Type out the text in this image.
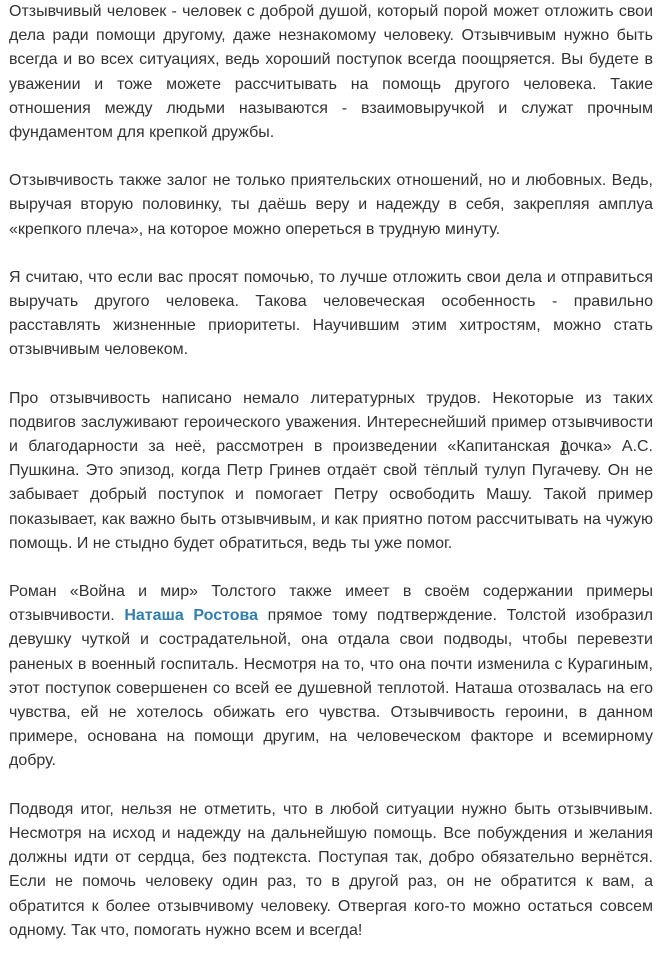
Отзывчивый человек - человек с доброй душой, который порой может отложить свои дела ради помощи другому, даже незнакомому человеку. Отзывчивым нужно быть всегда и во всех ситуациях, ведь хороший поступок всегда поощряется. Вы будете в уважении и тоже можете рассчитывать на помощь другого человека. Такие отношения между людьми называются - взаимовыручкой и служат прочным фундаментом для крепкой дружбы.

Отзывчивость также залог не только приятельских отношений, но и любовных. Ведь, выручая вторую половинку, ты даёшь веру и надежду в себя, закрепляя амплуа «крепкого плеча», на которое можно опереться в трудную минуту.

Я считаю, что если вас просят помочью, то лучше отложить свои дела и отправиться выручать другого человека. Такова человеческая особенность - правильно расставлять жизненные приоритеты. Научившим этим хитростям, можно стать отзывчивым человеком.

Про отзывчивость написано немало литературных трудов. Некоторые из таких подвигов заслуживают героического уважения. Интереснейший пример отзывчивости и благодарности за неё, рассмотрен в произведении «Капитанская дочка» А.С. Пушкина. Это эпизод, когда Петр Гринев отдаёт свой тёплый тулуп Пугачеву. Он не забывает добрый поступок и помогает Петру освободить Машу. Такой пример показывает, как важно быть отзывчивым, и как приятно потом рассчитывать на чужую помощь. И не стыдно будет обратиться, ведь ты уже помог.

Роман «Война и мир» Толстого также имеет в своём содержании примеры отзывчивости. Наташа Ростова прямое тому подтверждение. Толстой изобразил девушку чуткой и сострадательной, она отдала свои подводы, чтобы перевезти раненых в военный госпиталь. Несмотря на то, что она почти изменила с Курагиным, этот поступок совершенен со всей ее душевной теплотой. Наташа отозвалась на его чувства, ей не хотелось обижать его чувства. Отзывчивость героини, в данном примере, основана на помощи другим, на человеческом факторе и всемирному добру.

Подводя итог, нельзя не отметить, что в любой ситуации нужно быть отзывчивым. Несмотря на исход и надежду на дальнейшую помощь. Все побуждения и желания должны идти от сердца, без подтекста. Поступая так, добро обязательно вернётся. Если не помочь человеку один раз, то в другой раз, он не обратится к вам, а обратится к более отзывчивому человеку. Отвергая кого-то можно остаться совсем одному. Так что, помогать нужно всем и всегда!
